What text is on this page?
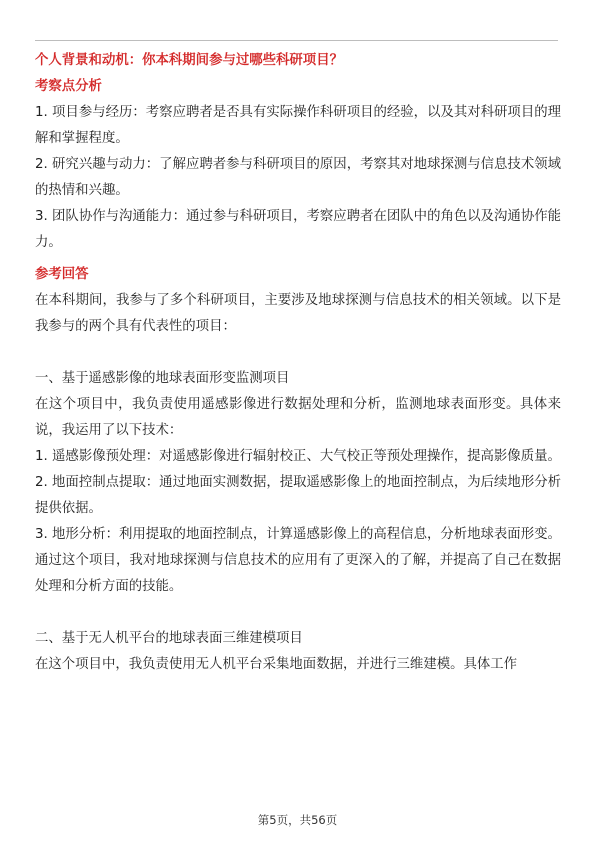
个人背景和动机：你本科期间参与过哪些科研项目？

考察点分析

1. 项目参与经历：考察应聘者是否具有实际操作科研项目的经验，以及其对科研项目的理解和掌握程度。

2. 研究兴趣与动力：了解应聘者参与科研项目的原因，考察其对地球探测与信息技术领域的热情和兴趣。

3. 团队协作与沟通能力：通过参与科研项目，考察应聘者在团队中的角色以及沟通协作能力。

参考回答

在本科期间，我参与了多个科研项目，主要涉及地球探测与信息技术的相关领域。以下是我参与的两个具有代表性的项目：

一、基于遥感影像的地球表面形变监测项目

在这个项目中，我负责使用遥感影像进行数据处理和分析，监测地球表面形变。具体来说，我运用了以下技术：

1. 遥感影像预处理：对遥感影像进行辐射校正、大气校正等预处理操作，提高影像质量。

2. 地面控制点提取：通过地面实测数据，提取遥感影像上的地面控制点，为后续地形分析提供依据。

3. 地形分析：利用提取的地面控制点，计算遥感影像上的高程信息，分析地球表面形变。

通过这个项目，我对地球探测与信息技术的应用有了更深入的了解，并提高了自己在数据处理和分析方面的技能。

二、基于无人机平台的地球表面三维建模项目

在这个项目中，我负责使用无人机平台采集地面数据，并进行三维建模。具体工作

第5页，共56页
